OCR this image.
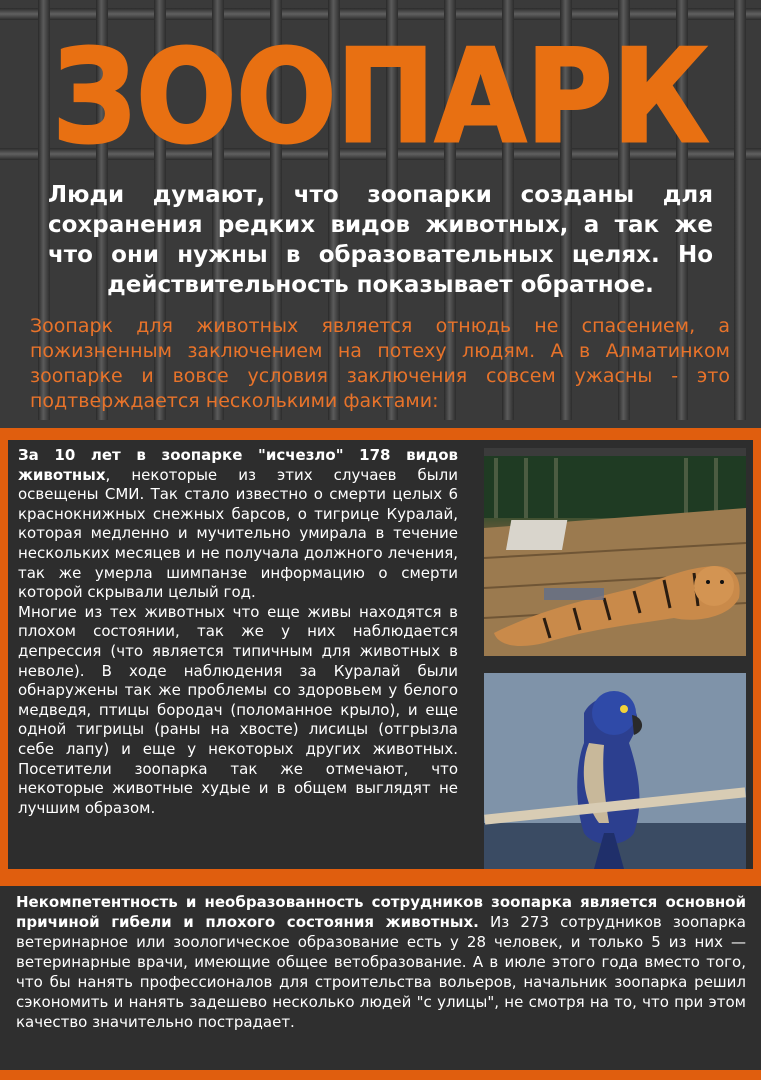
ЗООПАРК
Люди думают, что зоопарки созданы для сохранения редких видов животных, а так же что они нужны в образовательных целях. Но действительность показывает обратное.
Зоопарк для животных является отнюдь не спасением, а пожизненным заключением на потеху людям. А в Алматинком зоопарке и вовсе условия заключения совсем ужасны - это подтверждается несколькими фактами:
За 10 лет в зоопарке "исчезло" 178 видов животных, некоторые из этих случаев были освещены СМИ. Так стало известно о смерти целых 6 краснокнижных снежных барсов, о тигрице Куралай, которая медленно и мучительно умирала в течение нескольких месяцев и не получала должного лечения, так же умерла шимпанзе информацию о смерти которой скрывали целый год.
Многие из тех животных что еще живы находятся в плохом состоянии, так же у них наблюдается депрессия (что является типичным для животных в неволе). В ходе наблюдения за Куралай были обнаружены так же проблемы со здоровьем у белого медведя, птицы бородач (поломанное крыло), и еще одной тигрицы (раны на хвосте) лисицы (отгрызла себе лапу) и еще у некоторых других животных. Посетители зоопарка так же отмечают, что некоторые животные худые и в общем выглядят не лучшим образом.
Некомпетентность и необразованность сотрудников зоопарка является основной причиной гибели и плохого состояния животных. Из 273 сотрудников зоопарка ветеринарное или зоологическое образование есть у 28 человек, и только 5 из них — ветеринарные врачи, имеющие общее ветобразование. А в июле этого года вместо того, что бы нанять профессионалов для строительства вольеров, начальник зоопарка решил сэкономить и нанять задешево несколько людей "с улицы", не смотря на то, что при этом качество значительно пострадает.
